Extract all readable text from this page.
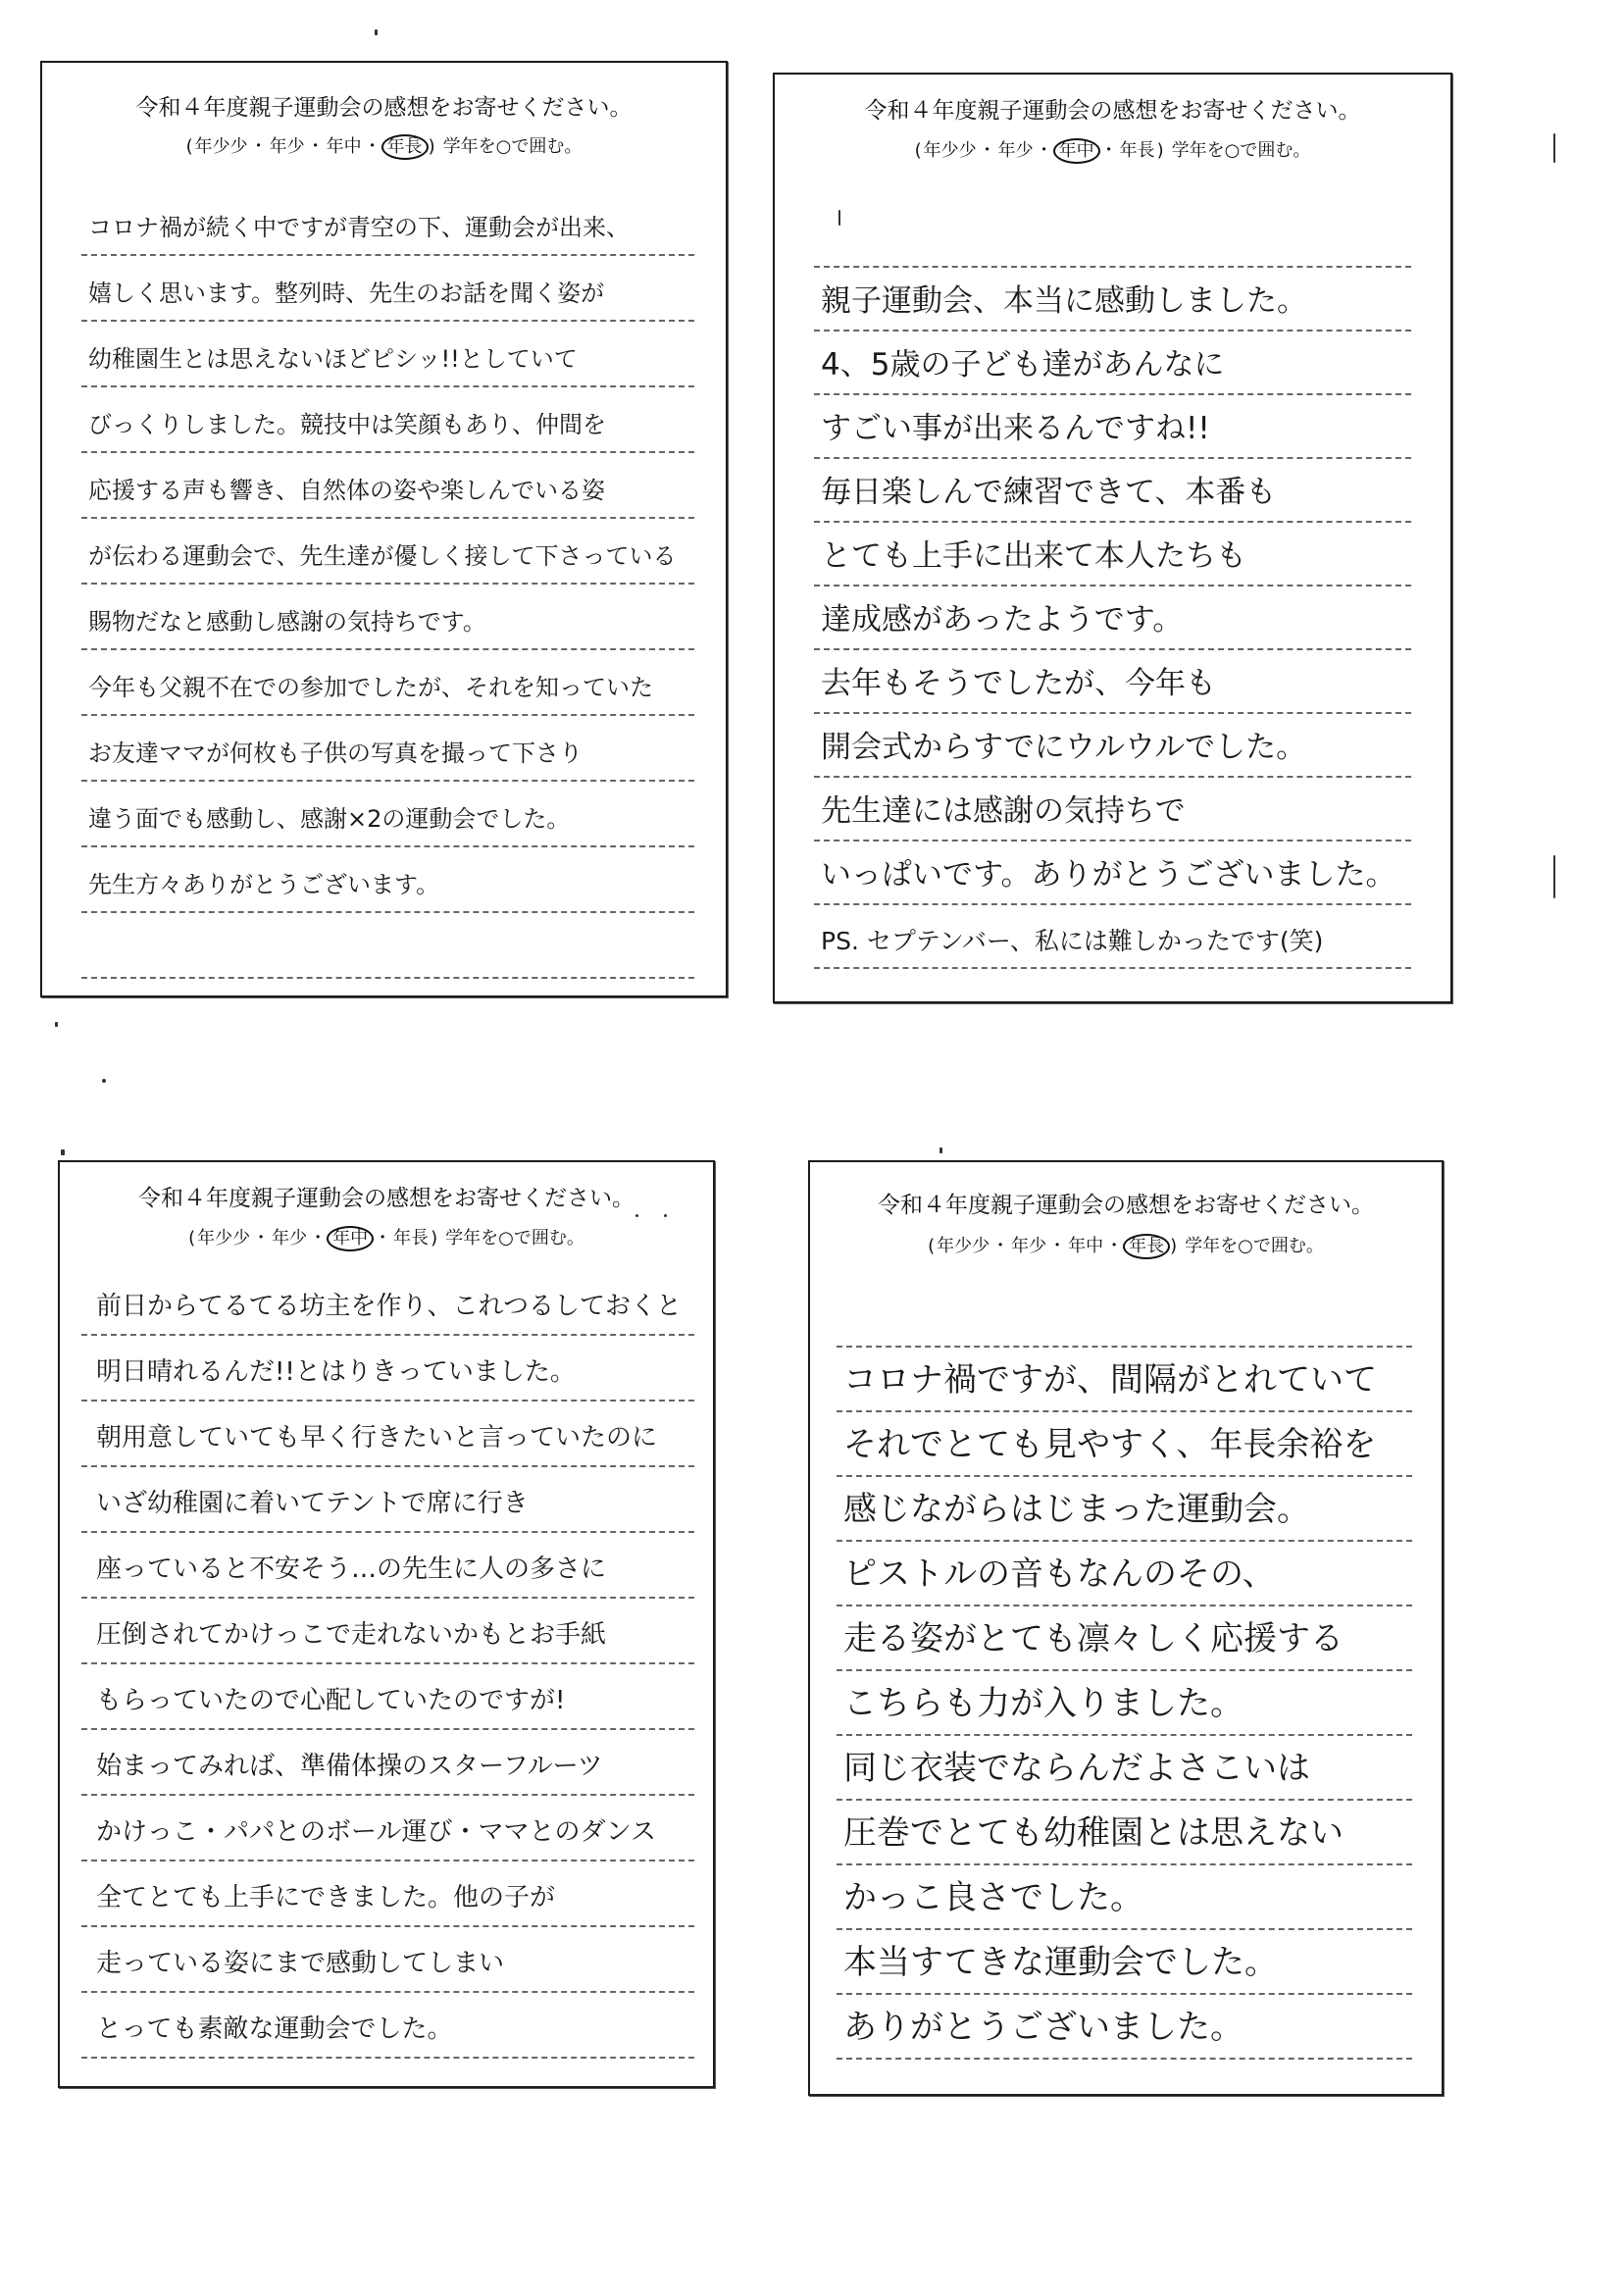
令和４年度親子運動会の感想をお寄せください。
( 年少少 ・ 年少 ・ 年中 ・ 年長 ) 学年を○で囲む。
コロナ禍が続く中ですが青空の下、運動会が出来、
嬉しく思います。整列時、先生のお話を聞く姿が
幼稚園生とは思えないほどピシッ!!としていて
びっくりしました。競技中は笑顔もあり、仲間を
応援する声も響き、自然体の姿や楽しんでいる姿
が伝わる運動会で、先生達が優しく接して下さっている
賜物だなと感動し感謝の気持ちです。
今年も父親不在での参加でしたが、それを知っていた
お友達ママが何枚も子供の写真を撮って下さり
違う面でも感動し、感謝×2の運動会でした。
先生方々ありがとうございます。
令和４年度親子運動会の感想をお寄せください。
( 年少少 ・ 年少 ・ 年中 ・ 年長 ) 学年を○で囲む。
親子運動会、本当に感動しました。
4、5歳の子ども達があんなに
すごい事が出来るんですね!!
毎日楽しんで練習できて、本番も
とても上手に出来て本人たちも
達成感があったようです。
去年もそうでしたが、今年も
開会式からすでにウルウルでした。
先生達には感謝の気持ちで
いっぱいです。ありがとうございました。
PS. セプテンバー、私には難しかったです(笑)
令和４年度親子運動会の感想をお寄せください。
( 年少少 ・ 年少 ・ 年中 ・ 年長 ) 学年を○で囲む。
前日からてるてる坊主を作り、これつるしておくと
明日晴れるんだ!!とはりきっていました。
朝用意していても早く行きたいと言っていたのに
いざ幼稚園に着いてテントで席に行き
座っていると不安そう…の先生に人の多さに
圧倒されてかけっこで走れないかもとお手紙
もらっていたので心配していたのですが!
始まってみれば、準備体操のスターフルーツ
かけっこ・パパとのボール運び・ママとのダンス
全てとても上手にできました。他の子が
走っている姿にまで感動してしまい
とっても素敵な運動会でした。
令和４年度親子運動会の感想をお寄せください。
( 年少少 ・ 年少 ・ 年中 ・ 年長 ) 学年を○で囲む。
コロナ禍ですが、間隔がとれていて
それでとても見やすく、年長余裕を
感じながらはじまった運動会。
ピストルの音もなんのその、
走る姿がとても凛々しく応援する
こちらも力が入りました。
同じ衣装でならんだよさこいは
圧巻でとても幼稚園とは思えない
かっこ良さでした。
本当すてきな運動会でした。
ありがとうございました。
